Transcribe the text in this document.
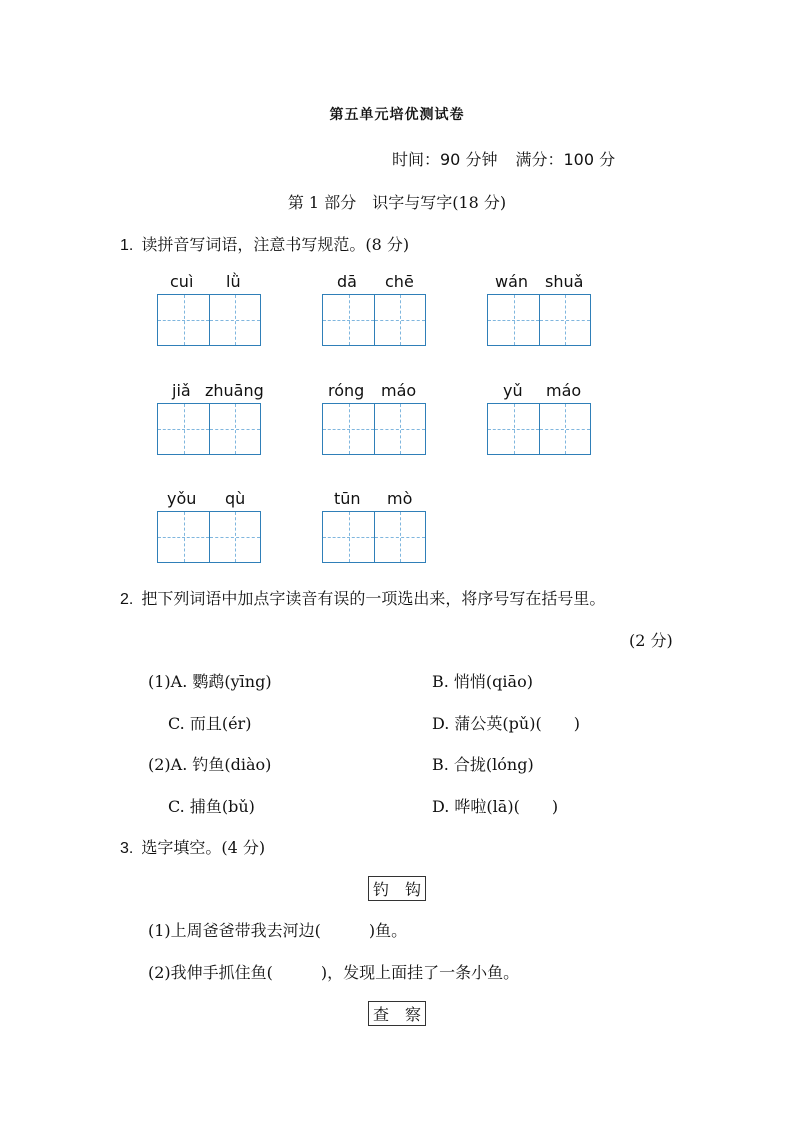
第五单元培优测试卷
时间：90 分钟 满分：100 分
第 1 部分　识字与写字(18 分)
1. 读拼音写词语，注意书写规范。(8 分)
cuì lǜ	dā chē	wán shuǎ
jiǎ zhuāng	róng máo	yǔ máo
yǒu qù	tūn mò
2. 把下列词语中加点字读音有误的一项选出来，将序号写在括号里。
(2 分)
(1)A. 鹦鹉(yīng)	B. 悄悄(qiāo)
C. 而且(ér)	D. 蒲公英(pǔ)(　　)
(2)A. 钓鱼(diào)	B. 合拢(lóng)
C. 捕鱼(bǔ)	D. 哗啦(lā)(　　)
3. 选字填空。(4 分)
钓　钩
(1)上周爸爸带我去河边(　　　)鱼。
(2)我伸手抓住鱼(　　　)，发现上面挂了一条小鱼。
查　察
